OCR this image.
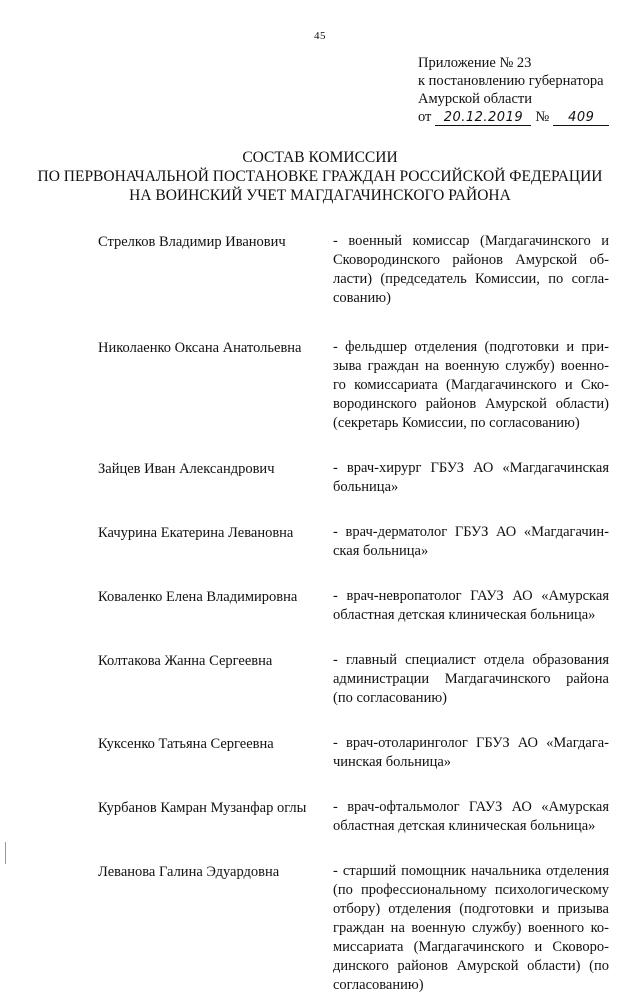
45
Приложение № 23
к постановлению губернатора
Амурской области
от 20.12.2019 № 409
СОСТАВ КОМИССИИ
ПО ПЕРВОНАЧАЛЬНОЙ ПОСТАНОВКЕ ГРАЖДАН РОССИЙСКОЙ ФЕДЕРАЦИИ
НА ВОИНСКИЙ УЧЕТ МАГДАГАЧИНСКОГО РАЙОНА
Стрелков Владимир Иванович	- военный комиссар (Магдагачинского и
Сковородинского районов Амурской об-
ласти) (председатель Комиссии, по согла-
сованию)
Николаенко Оксана Анатольевна	- фельдшер отделения (подготовки и при-
зыва граждан на военную службу) военно-
го комиссариата (Магдагачинского и Ско-
вородинского районов Амурской области)
(секретарь Комиссии, по согласованию)
Зайцев Иван Александрович	- врач-хирург ГБУЗ АО «Магдагачинская
больница»
Качурина Екатерина Левановна	- врач-дерматолог ГБУЗ АО «Магдагачин-
ская больница»
Коваленко Елена Владимировна	- врач-невропатолог ГАУЗ АО «Амурская
областная детская клиническая больница»
Колтакова Жанна Сергеевна	- главный специалист отдела образования
администрации Магдагачинского района
(по согласованию)
Куксенко Татьяна Сергеевна	- врач-отоларинголог ГБУЗ АО «Магдага-
чинская больница»
Курбанов Камран Музанфар оглы	- врач-офтальмолог ГАУЗ АО «Амурская
областная детская клиническая больница»
Леванова Галина Эдуардовна	- старший помощник начальника отделения
(по профессиональному психологическому
отбору) отделения (подготовки и призыва
граждан на военную службу) военного ко-
миссариата (Магдагачинского и Сковоро-
динского районов Амурской области) (по
согласованию)
